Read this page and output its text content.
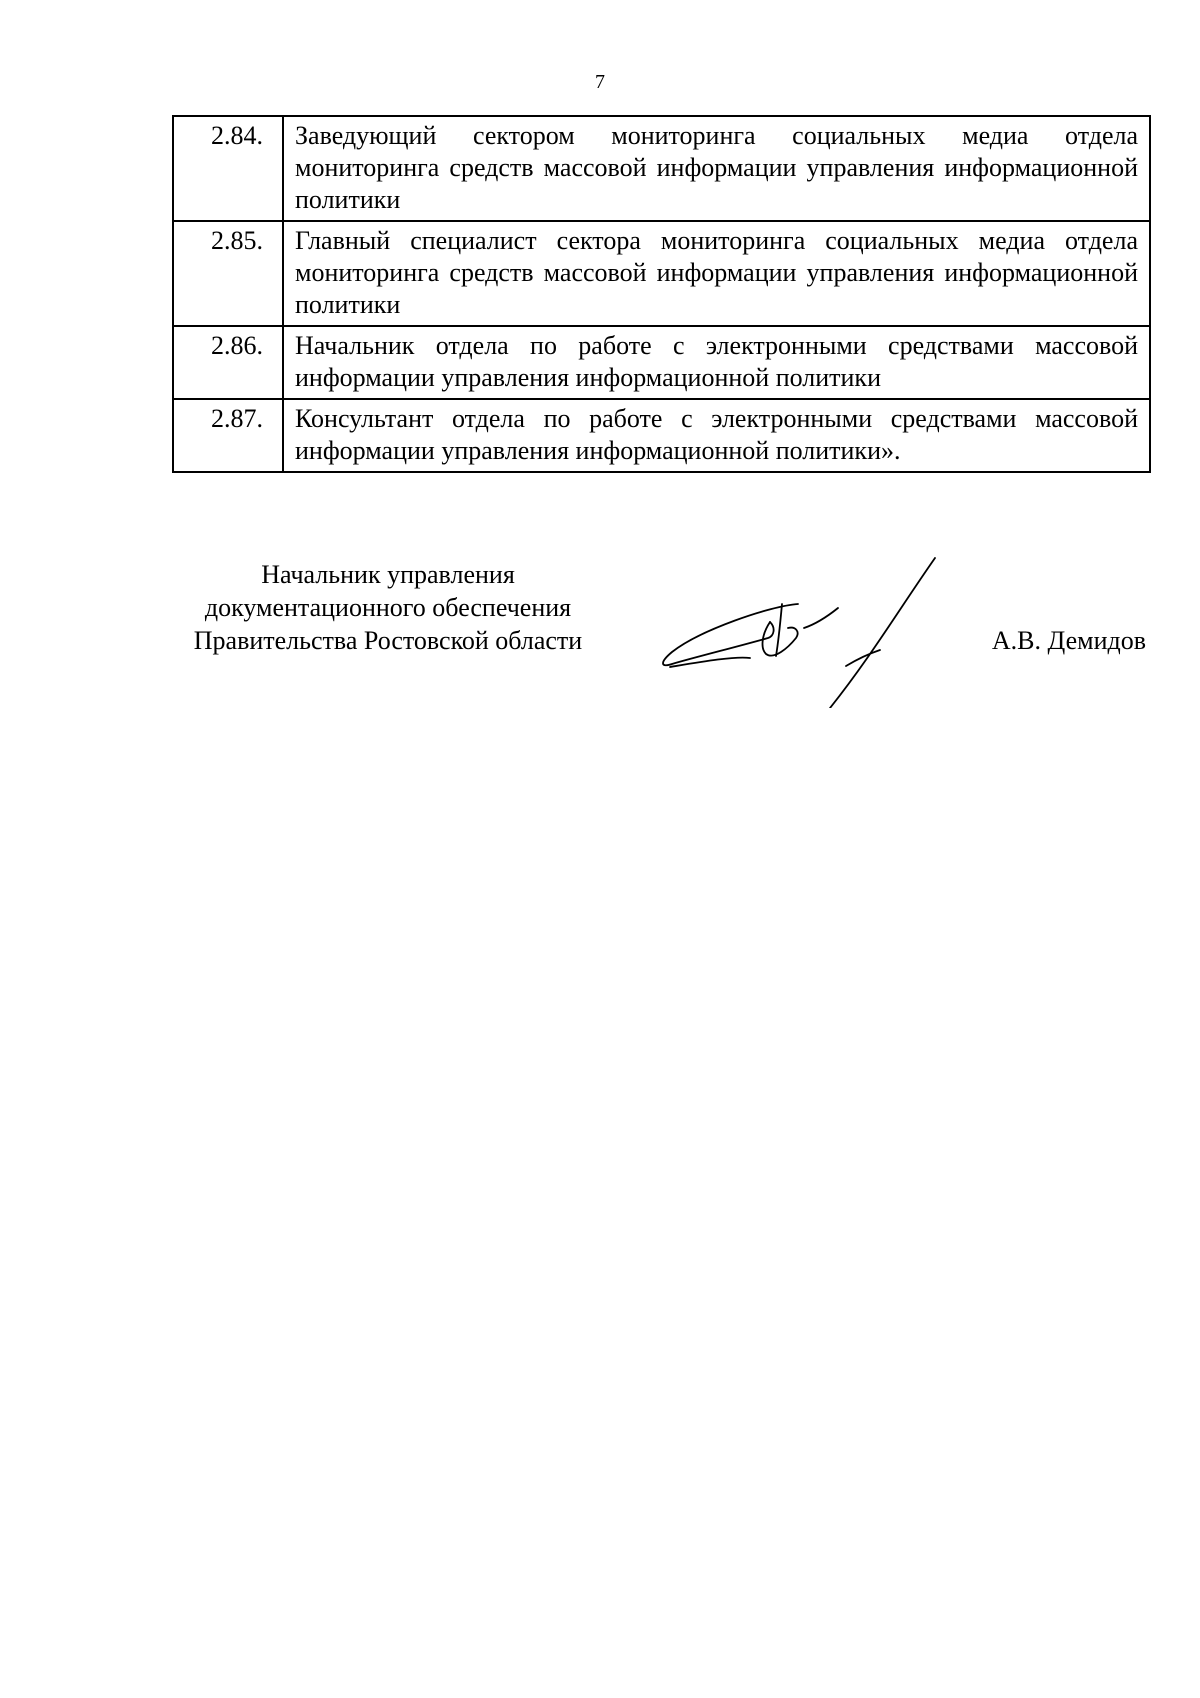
7
2.84.	Заведующий сектором мониторинга социальных медиа отдела мониторинга средств массовой информации управления информационной политики
2.85.	Главный специалист сектора мониторинга социальных медиа отдела мониторинга средств массовой информации управления информационной политики
2.86.	Начальник отдела по работе с электронными средствами массовой информации управления информационной политики
2.87.	Консультант отдела по работе с электронными средствами массовой информации управления информационной политики».
Начальник управления
документационного обеспечения
Правительства Ростовской области	А.В. Демидов
